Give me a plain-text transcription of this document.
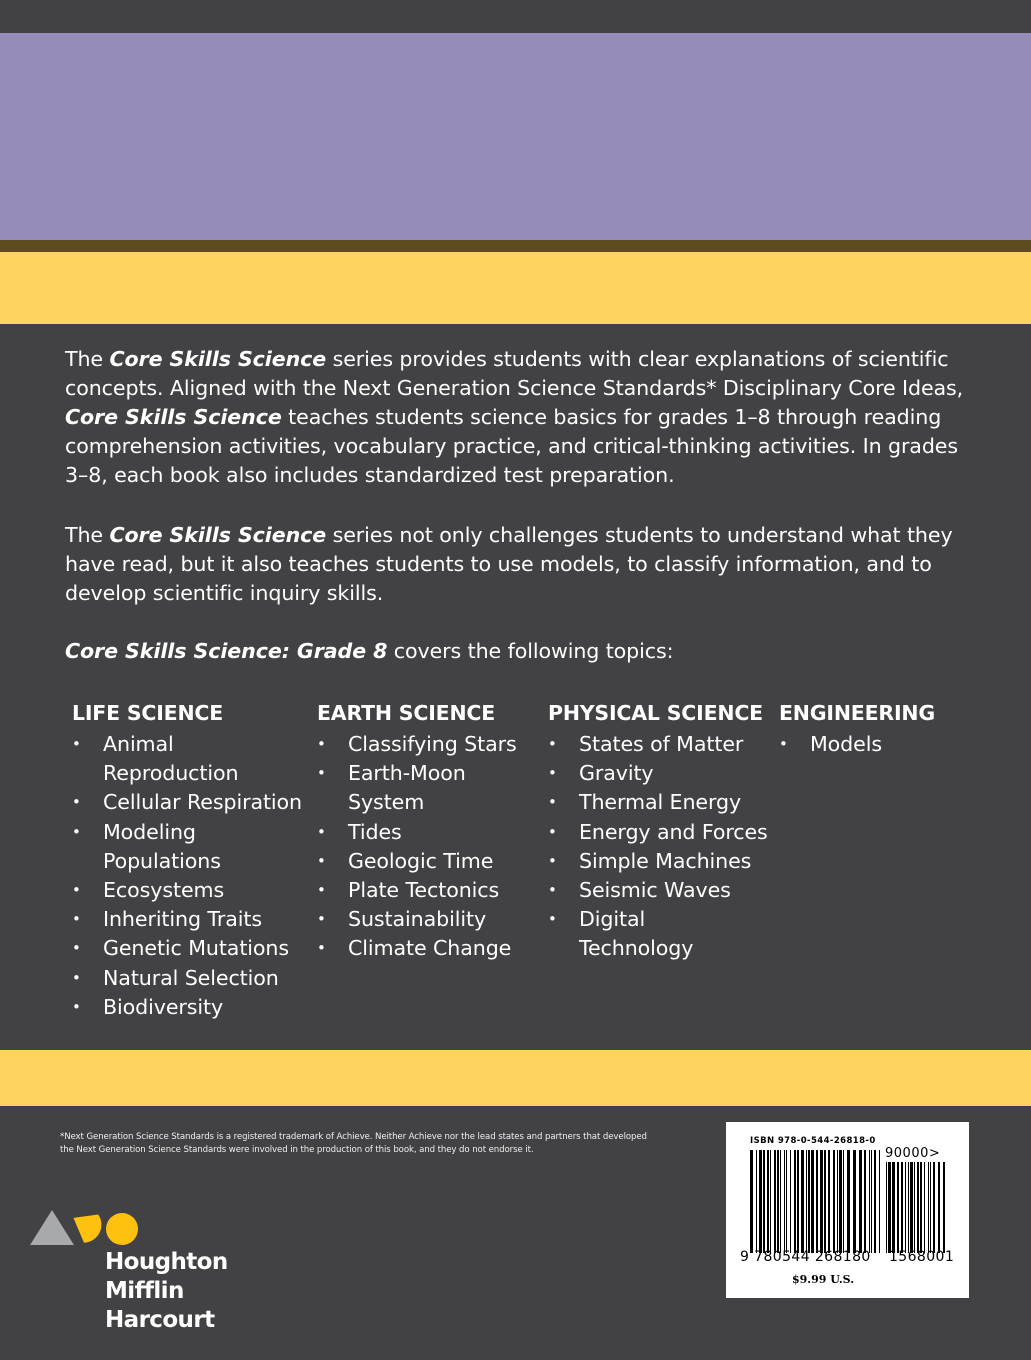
The Core Skills Science series provides students with clear explanations of scientific concepts. Aligned with the Next Generation Science Standards* Disciplinary Core Ideas, Core Skills Science teaches students science basics for grades 1–8 through reading comprehension activities, vocabulary practice, and critical-thinking activities. In grades 3–8, each book also includes standardized test preparation.

The Core Skills Science series not only challenges students to understand what they have read, but it also teaches students to use models, to classify information, and to develop scientific inquiry skills.

Core Skills Science: Grade 8 covers the following topics:

LIFE SCIENCE
• Animal Reproduction
• Cellular Respiration
• Modeling Populations
• Ecosystems
• Inheriting Traits
• Genetic Mutations
• Natural Selection
• Biodiversity
EARTH SCIENCE
• Classifying Stars
• Earth-Moon System
• Tides
• Geologic Time
• Plate Tectonics
• Sustainability
• Climate Change
PHYSICAL SCIENCE
• States of Matter
• Gravity
• Thermal Energy
• Energy and Forces
• Simple Machines
• Seismic Waves
• Digital Technology
ENGINEERING
• Models

*Next Generation Science Standards is a registered trademark of Achieve. Neither Achieve nor the lead states and partners that developed the Next Generation Science Standards were involved in the production of this book, and they do not endorse it.

Houghton
Mifflin
Harcourt
ISBN 978-0-544-26818-0
90000>
9 780544 268180 1568001
$9.99 U.S.
